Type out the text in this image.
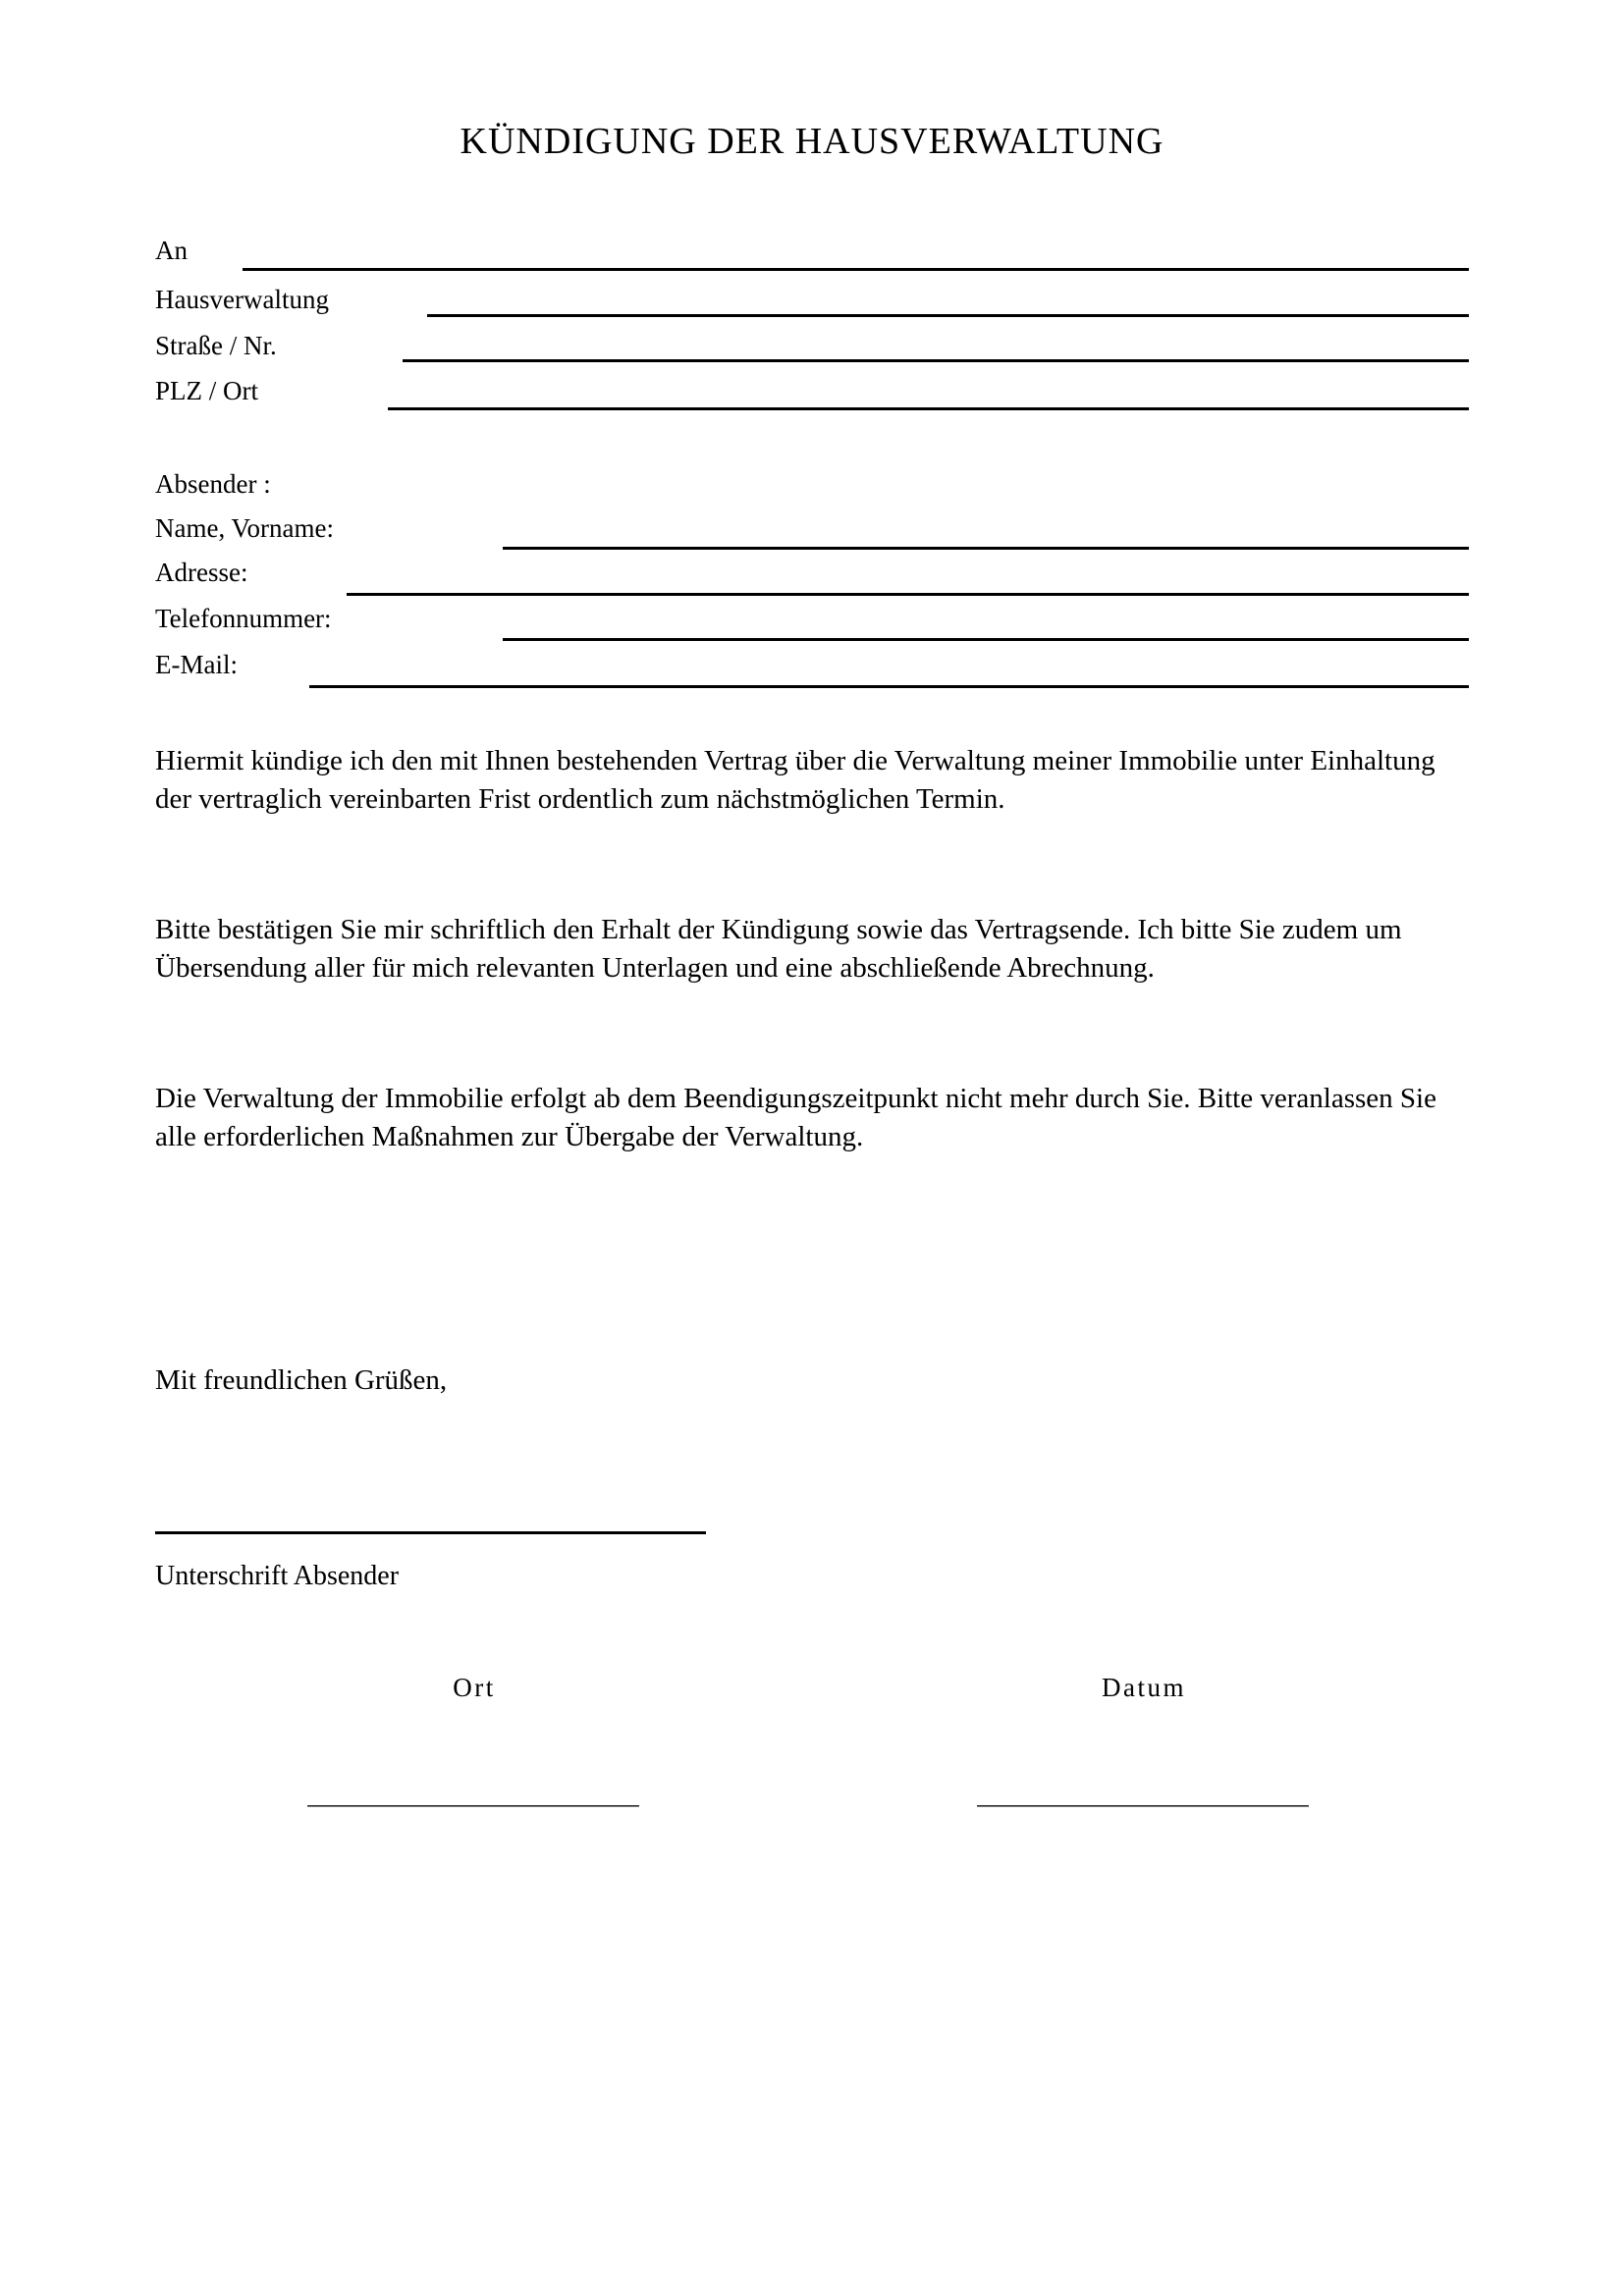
KÜNDIGUNG DER HAUSVERWALTUNG
An
Hausverwaltung
Straße / Nr.
PLZ / Ort
Absender :
Name, Vorname:
Adresse:
Telefonnummer:
E-Mail:

Hiermit kündige ich den mit Ihnen bestehenden Vertrag über die Verwaltung meiner Immobilie unter Einhaltung der vertraglich vereinbarten Frist ordentlich zum nächstmöglichen Termin.

Bitte bestätigen Sie mir schriftlich den Erhalt der Kündigung sowie das Vertragsende. Ich bitte Sie zudem um Übersendung aller für mich relevanten Unterlagen und eine abschließende Abrechnung.

Die Verwaltung der Immobilie erfolgt ab dem Beendigungszeitpunkt nicht mehr durch Sie. Bitte veranlassen Sie alle erforderlichen Maßnahmen zur Übergabe der Verwaltung.

Mit freundlichen Grüßen,
Unterschrift Absender
Ort	Datum
_________________________	_________________________
